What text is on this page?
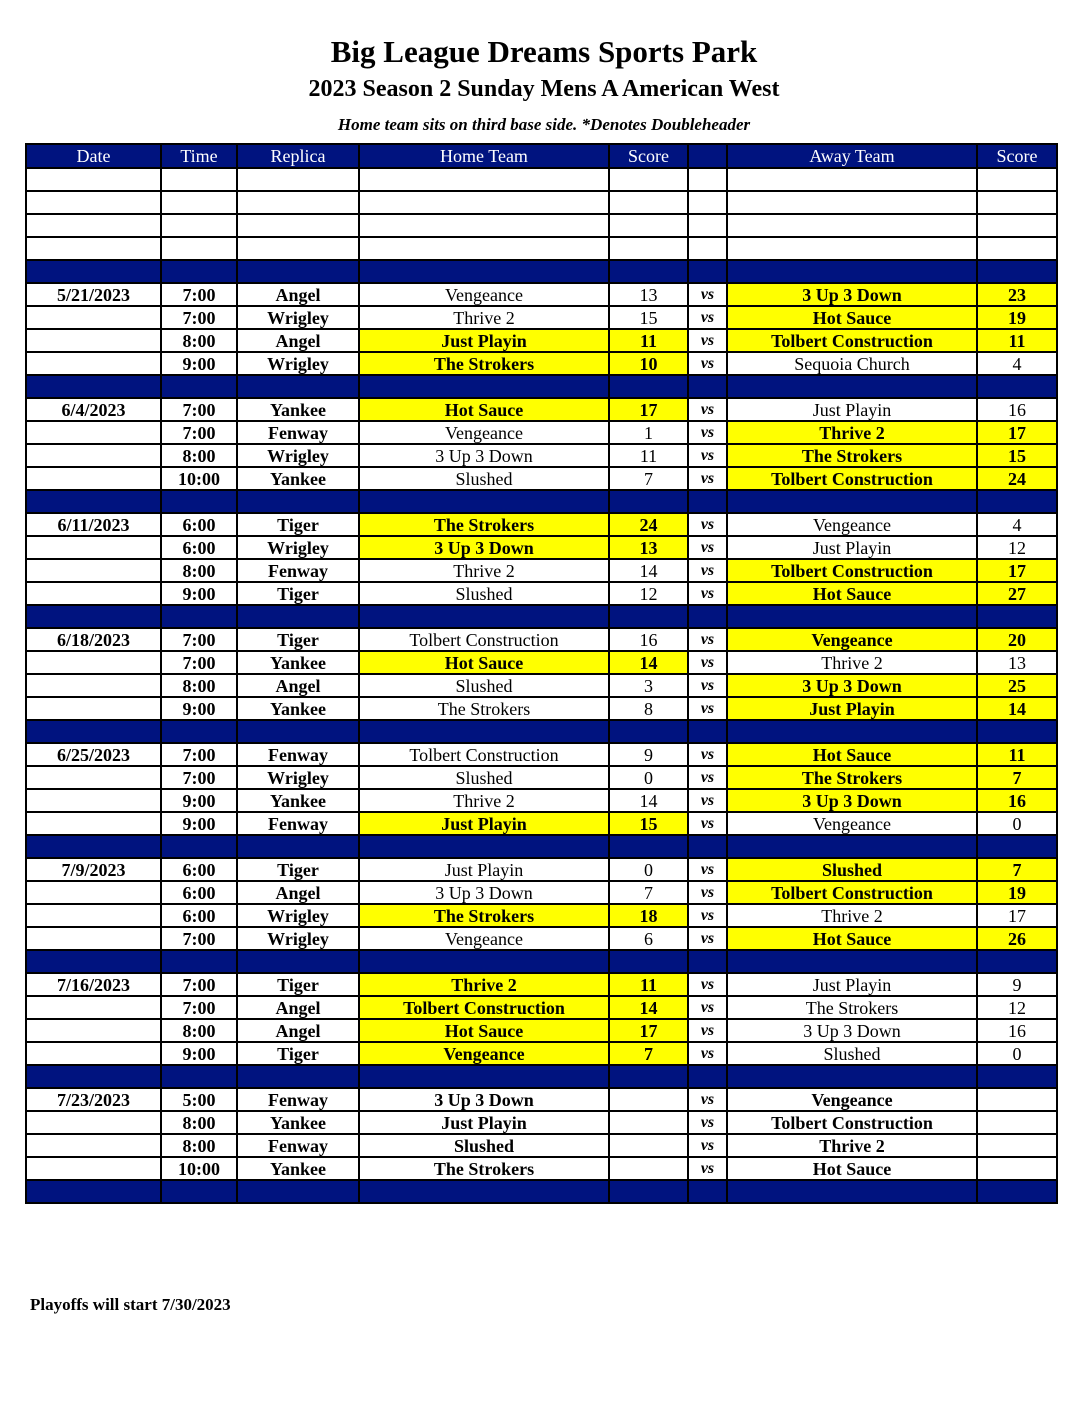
Big League Dreams Sports Park
2023 Season 2 Sunday Mens A American West
Home team sits on third base side. *Denotes Doubleheader
Date	Time	Replica	Home Team	Score		Away Team	Score

5/21/2023	7:00	Angel	Vengeance	13	vs	3 Up 3 Down	23
	7:00	Wrigley	Thrive 2	15	vs	Hot Sauce	19
	8:00	Angel	Just Playin	11	vs	Tolbert Construction	11
	9:00	Wrigley	The Strokers	10	vs	Sequoia Church	4

6/4/2023	7:00	Yankee	Hot Sauce	17	vs	Just Playin	16
	7:00	Fenway	Vengeance	1	vs	Thrive 2	17
	8:00	Wrigley	3 Up 3 Down	11	vs	The Strokers	15
	10:00	Yankee	Slushed	7	vs	Tolbert Construction	24

6/11/2023	6:00	Tiger	The Strokers	24	vs	Vengeance	4
	6:00	Wrigley	3 Up 3 Down	13	vs	Just Playin	12
	8:00	Fenway	Thrive 2	14	vs	Tolbert Construction	17
	9:00	Tiger	Slushed	12	vs	Hot Sauce	27

6/18/2023	7:00	Tiger	Tolbert Construction	16	vs	Vengeance	20
	7:00	Yankee	Hot Sauce	14	vs	Thrive 2	13
	8:00	Angel	Slushed	3	vs	3 Up 3 Down	25
	9:00	Yankee	The Strokers	8	vs	Just Playin	14

6/25/2023	7:00	Fenway	Tolbert Construction	9	vs	Hot Sauce	11
	7:00	Wrigley	Slushed	0	vs	The Strokers	7
	9:00	Yankee	Thrive 2	14	vs	3 Up 3 Down	16
	9:00	Fenway	Just Playin	15	vs	Vengeance	0

7/9/2023	6:00	Tiger	Just Playin	0	vs	Slushed	7
	6:00	Angel	3 Up 3 Down	7	vs	Tolbert Construction	19
	6:00	Wrigley	The Strokers	18	vs	Thrive 2	17
	7:00	Wrigley	Vengeance	6	vs	Hot Sauce	26

7/16/2023	7:00	Tiger	Thrive 2	11	vs	Just Playin	9
	7:00	Angel	Tolbert Construction	14	vs	The Strokers	12
	8:00	Angel	Hot Sauce	17	vs	3 Up 3 Down	16
	9:00	Tiger	Vengeance	7	vs	Slushed	0

7/23/2023	5:00	Fenway	3 Up 3 Down		vs	Vengeance	
	8:00	Yankee	Just Playin		vs	Tolbert Construction	
	8:00	Fenway	Slushed		vs	Thrive 2	
	10:00	Yankee	The Strokers		vs	Hot Sauce	

Playoffs will start 7/30/2023
